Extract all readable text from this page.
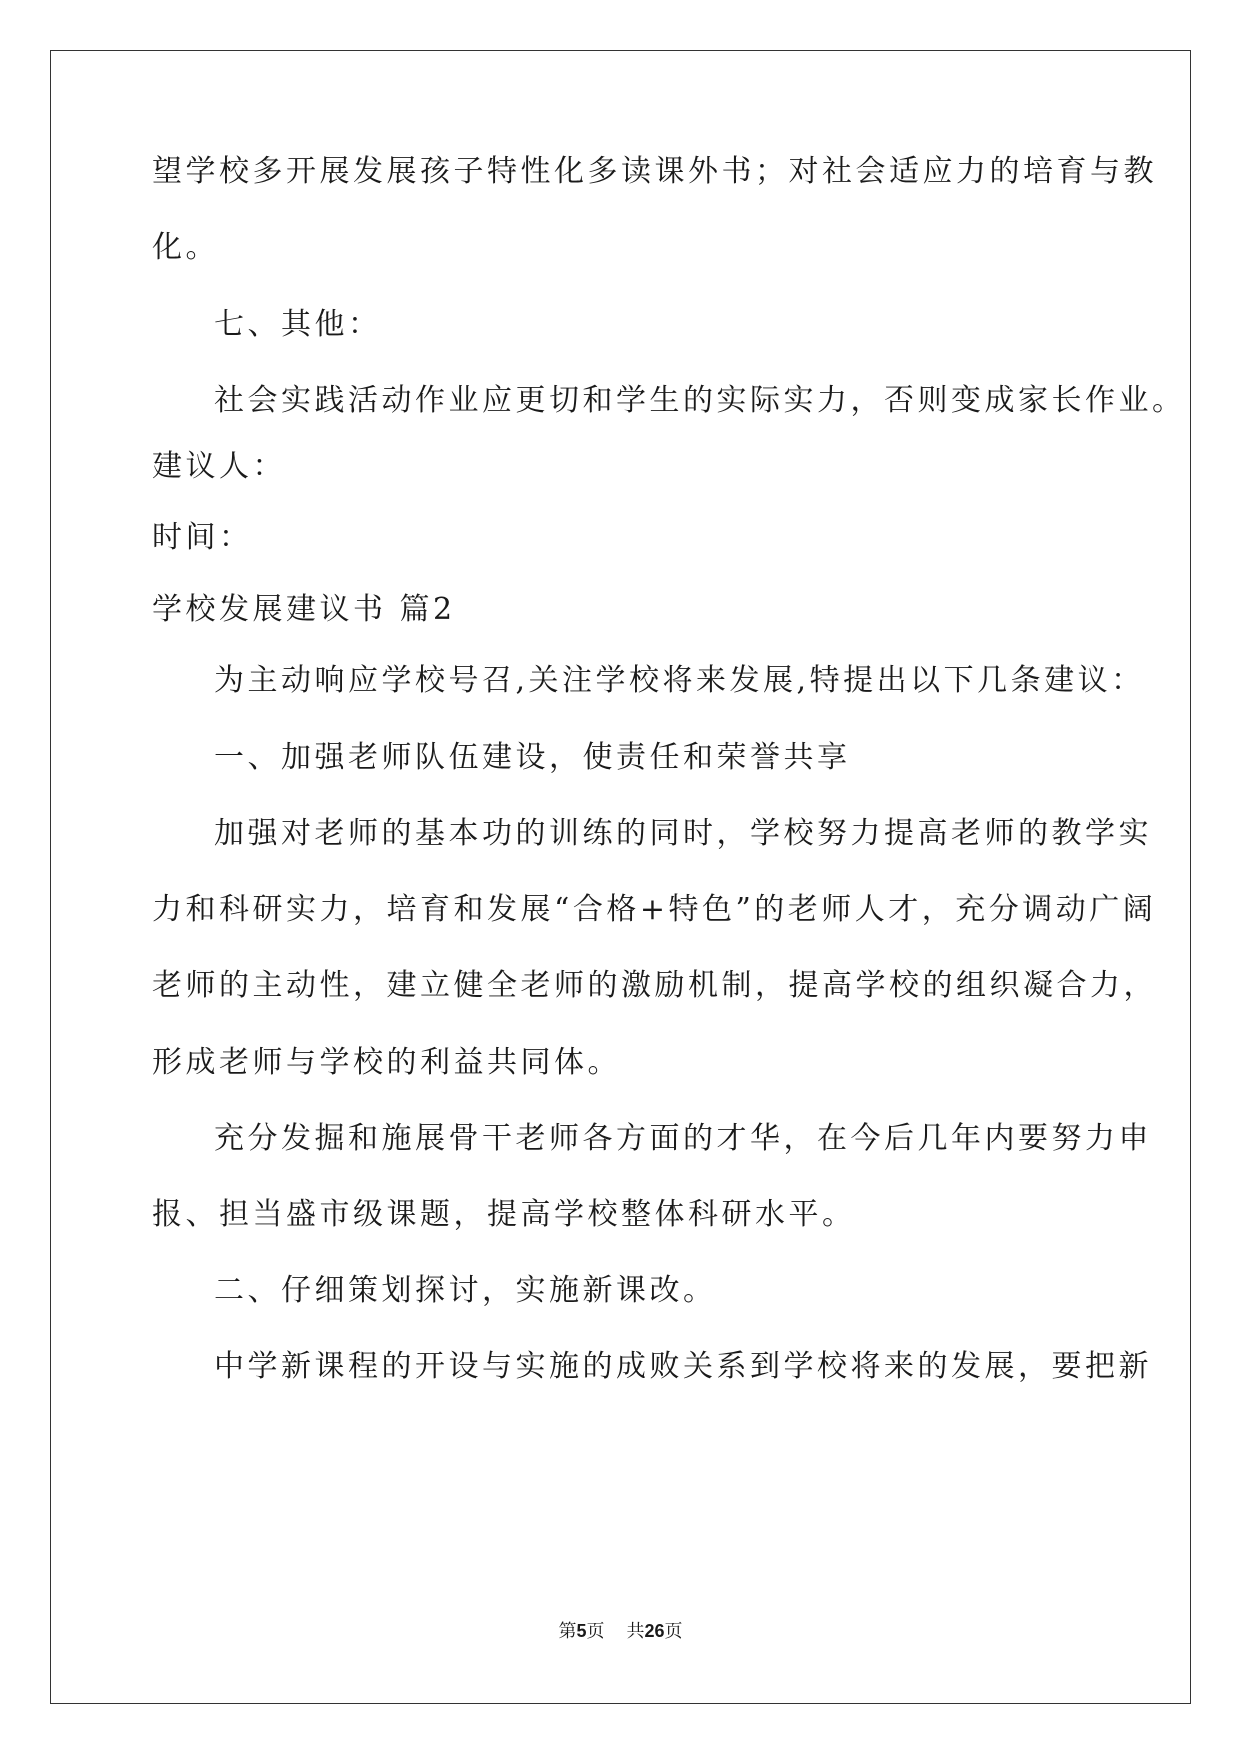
望学校多开展发展孩子特性化多读课外书；对社会适应力的培育与教
化。
七、其他：
社会实践活动作业应更切和学生的实际实力，否则变成家长作业。
建议人：
时间：
学校发展建议书 篇2
为主动响应学校号召,关注学校将来发展,特提出以下几条建议：
一、加强老师队伍建设，使责任和荣誉共享
加强对老师的基本功的训练的同时，学校努力提高老师的教学实
力和科研实力，培育和发展“合格+特色”的老师人才，充分调动广阔
老师的主动性，建立健全老师的激励机制，提高学校的组织凝合力，
形成老师与学校的利益共同体。
充分发掘和施展骨干老师各方面的才华，在今后几年内要努力申
报、担当盛市级课题，提高学校整体科研水平。
二、仔细策划探讨，实施新课改。
中学新课程的开设与实施的成败关系到学校将来的发展，要把新
第5页 共26页
